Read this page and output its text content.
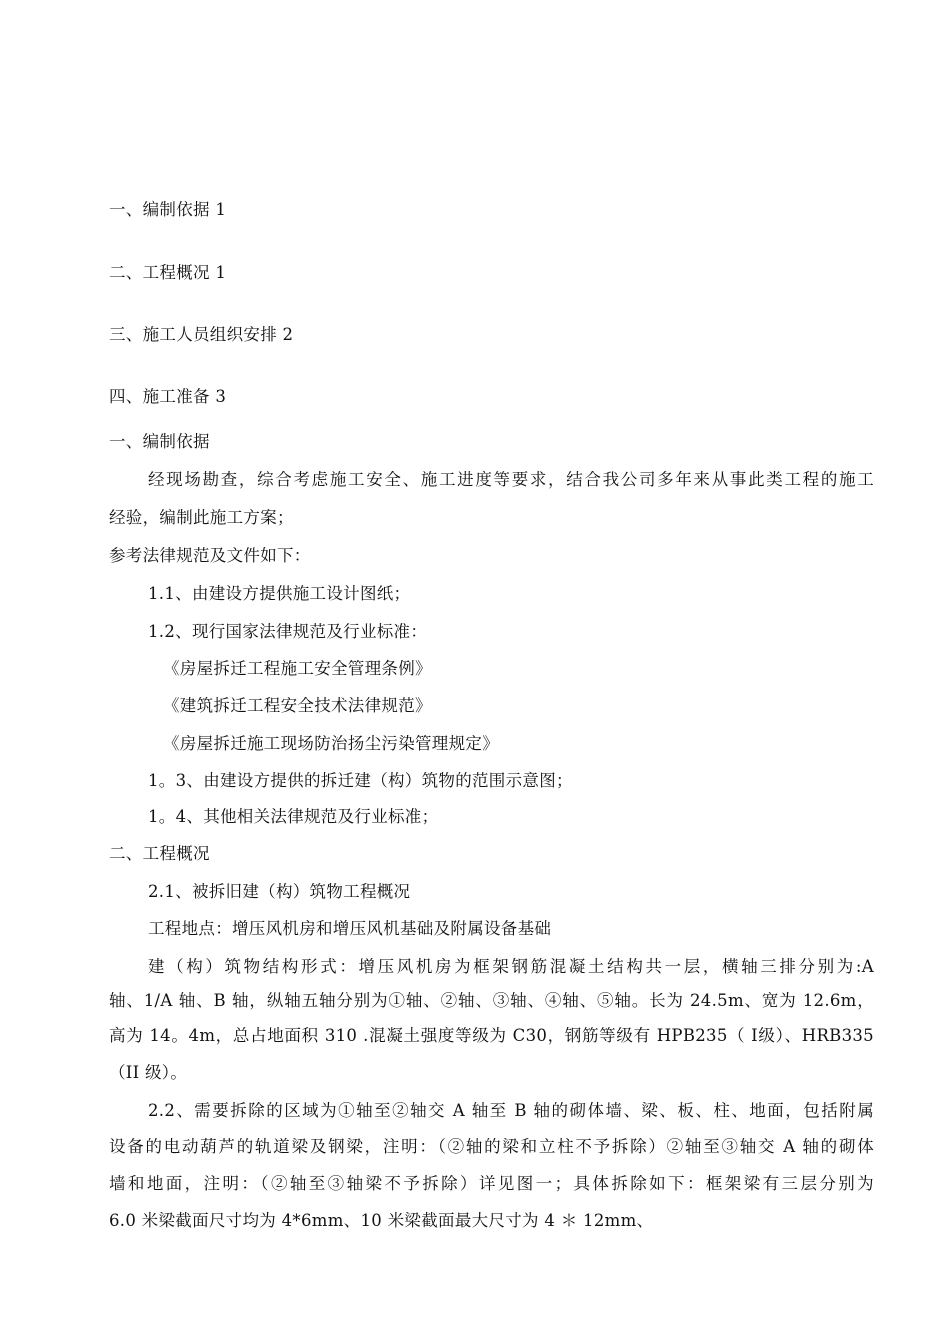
一、编制依据 1
二、工程概况 1
三、施工人员组织安排 2
四、施工准备 3
一、编制依据
经现场勘查，综合考虑施工安全、施工进度等要求，结合我公司多年来从事此类工程的施工
经验，编制此施工方案；
参考法律规范及文件如下：
1.1、由建设方提供施工设计图纸；
1.2、现行国家法律规范及行业标准：
《房屋拆迁工程施工安全管理条例》
《建筑拆迁工程安全技术法律规范》
《房屋拆迁施工现场防治扬尘污染管理规定》
1。3、由建设方提供的拆迁建（构）筑物的范围示意图；
1。4、其他相关法律规范及行业标准；
二、工程概况
2.1、被拆旧建（构）筑物工程概况
工程地点：增压风机房和增压风机基础及附属设备基础
建（构）筑物结构形式：增压风机房为框架钢筋混凝土结构共一层，横轴三排分别为:A
轴、1/A 轴、B 轴，纵轴五轴分别为①轴、②轴、③轴、④轴、⑤轴。长为 24.5m、宽为 12.6m，
高为 14。4m，总占地面积 310 .混凝土强度等级为 C30，钢筋等级有 HPB235（ Ⅰ级）、HRB335
（II 级）。
2.2、需要拆除的区域为①轴至②轴交 A 轴至 B 轴的砌体墙、梁、板、柱、地面，包括附属
设备的电动葫芦的轨道梁及钢梁，注明：（②轴的梁和立柱不予拆除）②轴至③轴交 A 轴的砌体
墙和地面，注明：（②轴至③轴梁不予拆除）详见图一；具体拆除如下：框架梁有三层分别为
6.0 米梁截面尺寸均为 4*6mm、10 米梁截面最大尺寸为 4 ＊ 12mm、
